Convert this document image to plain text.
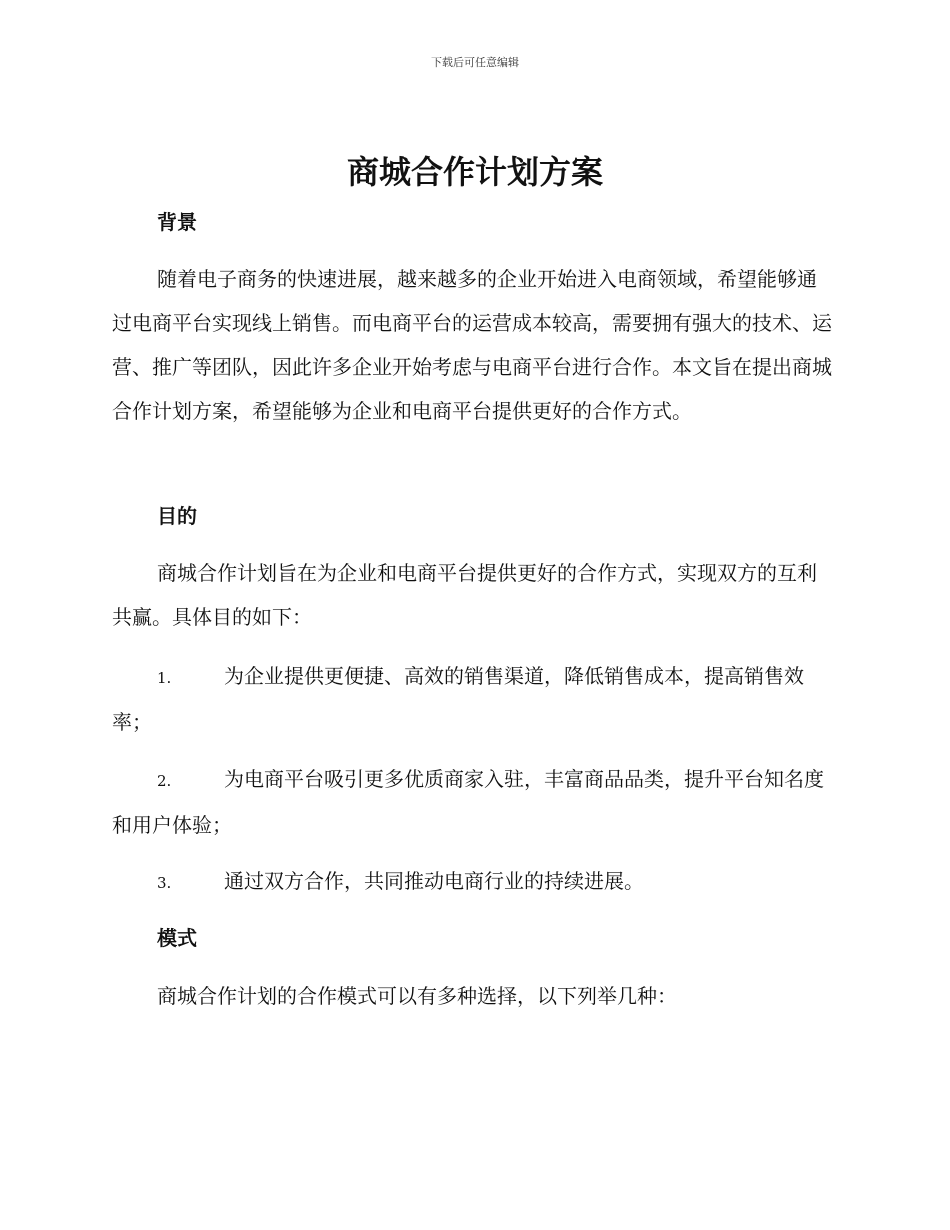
下载后可任意编辑
商城合作计划方案
背景

随着电子商务的快速进展，越来越多的企业开始进入电商领域，希望能够通过电商平台实现线上销售。而电商平台的运营成本较高，需要拥有强大的技术、运营、推广等团队，因此许多企业开始考虑与电商平台进行合作。本文旨在提出商城合作计划方案，希望能够为企业和电商平台提供更好的合作方式。

目的

商城合作计划旨在为企业和电商平台提供更好的合作方式，实现双方的互利共赢。具体目的如下：

1.	为企业提供更便捷、高效的销售渠道，降低销售成本，提高销售效率；
2.	为电商平台吸引更多优质商家入驻，丰富商品品类，提升平台知名度和用户体验；
3.	通过双方合作，共同推动电商行业的持续进展。
模式

商城合作计划的合作模式可以有多种选择，以下列举几种：
